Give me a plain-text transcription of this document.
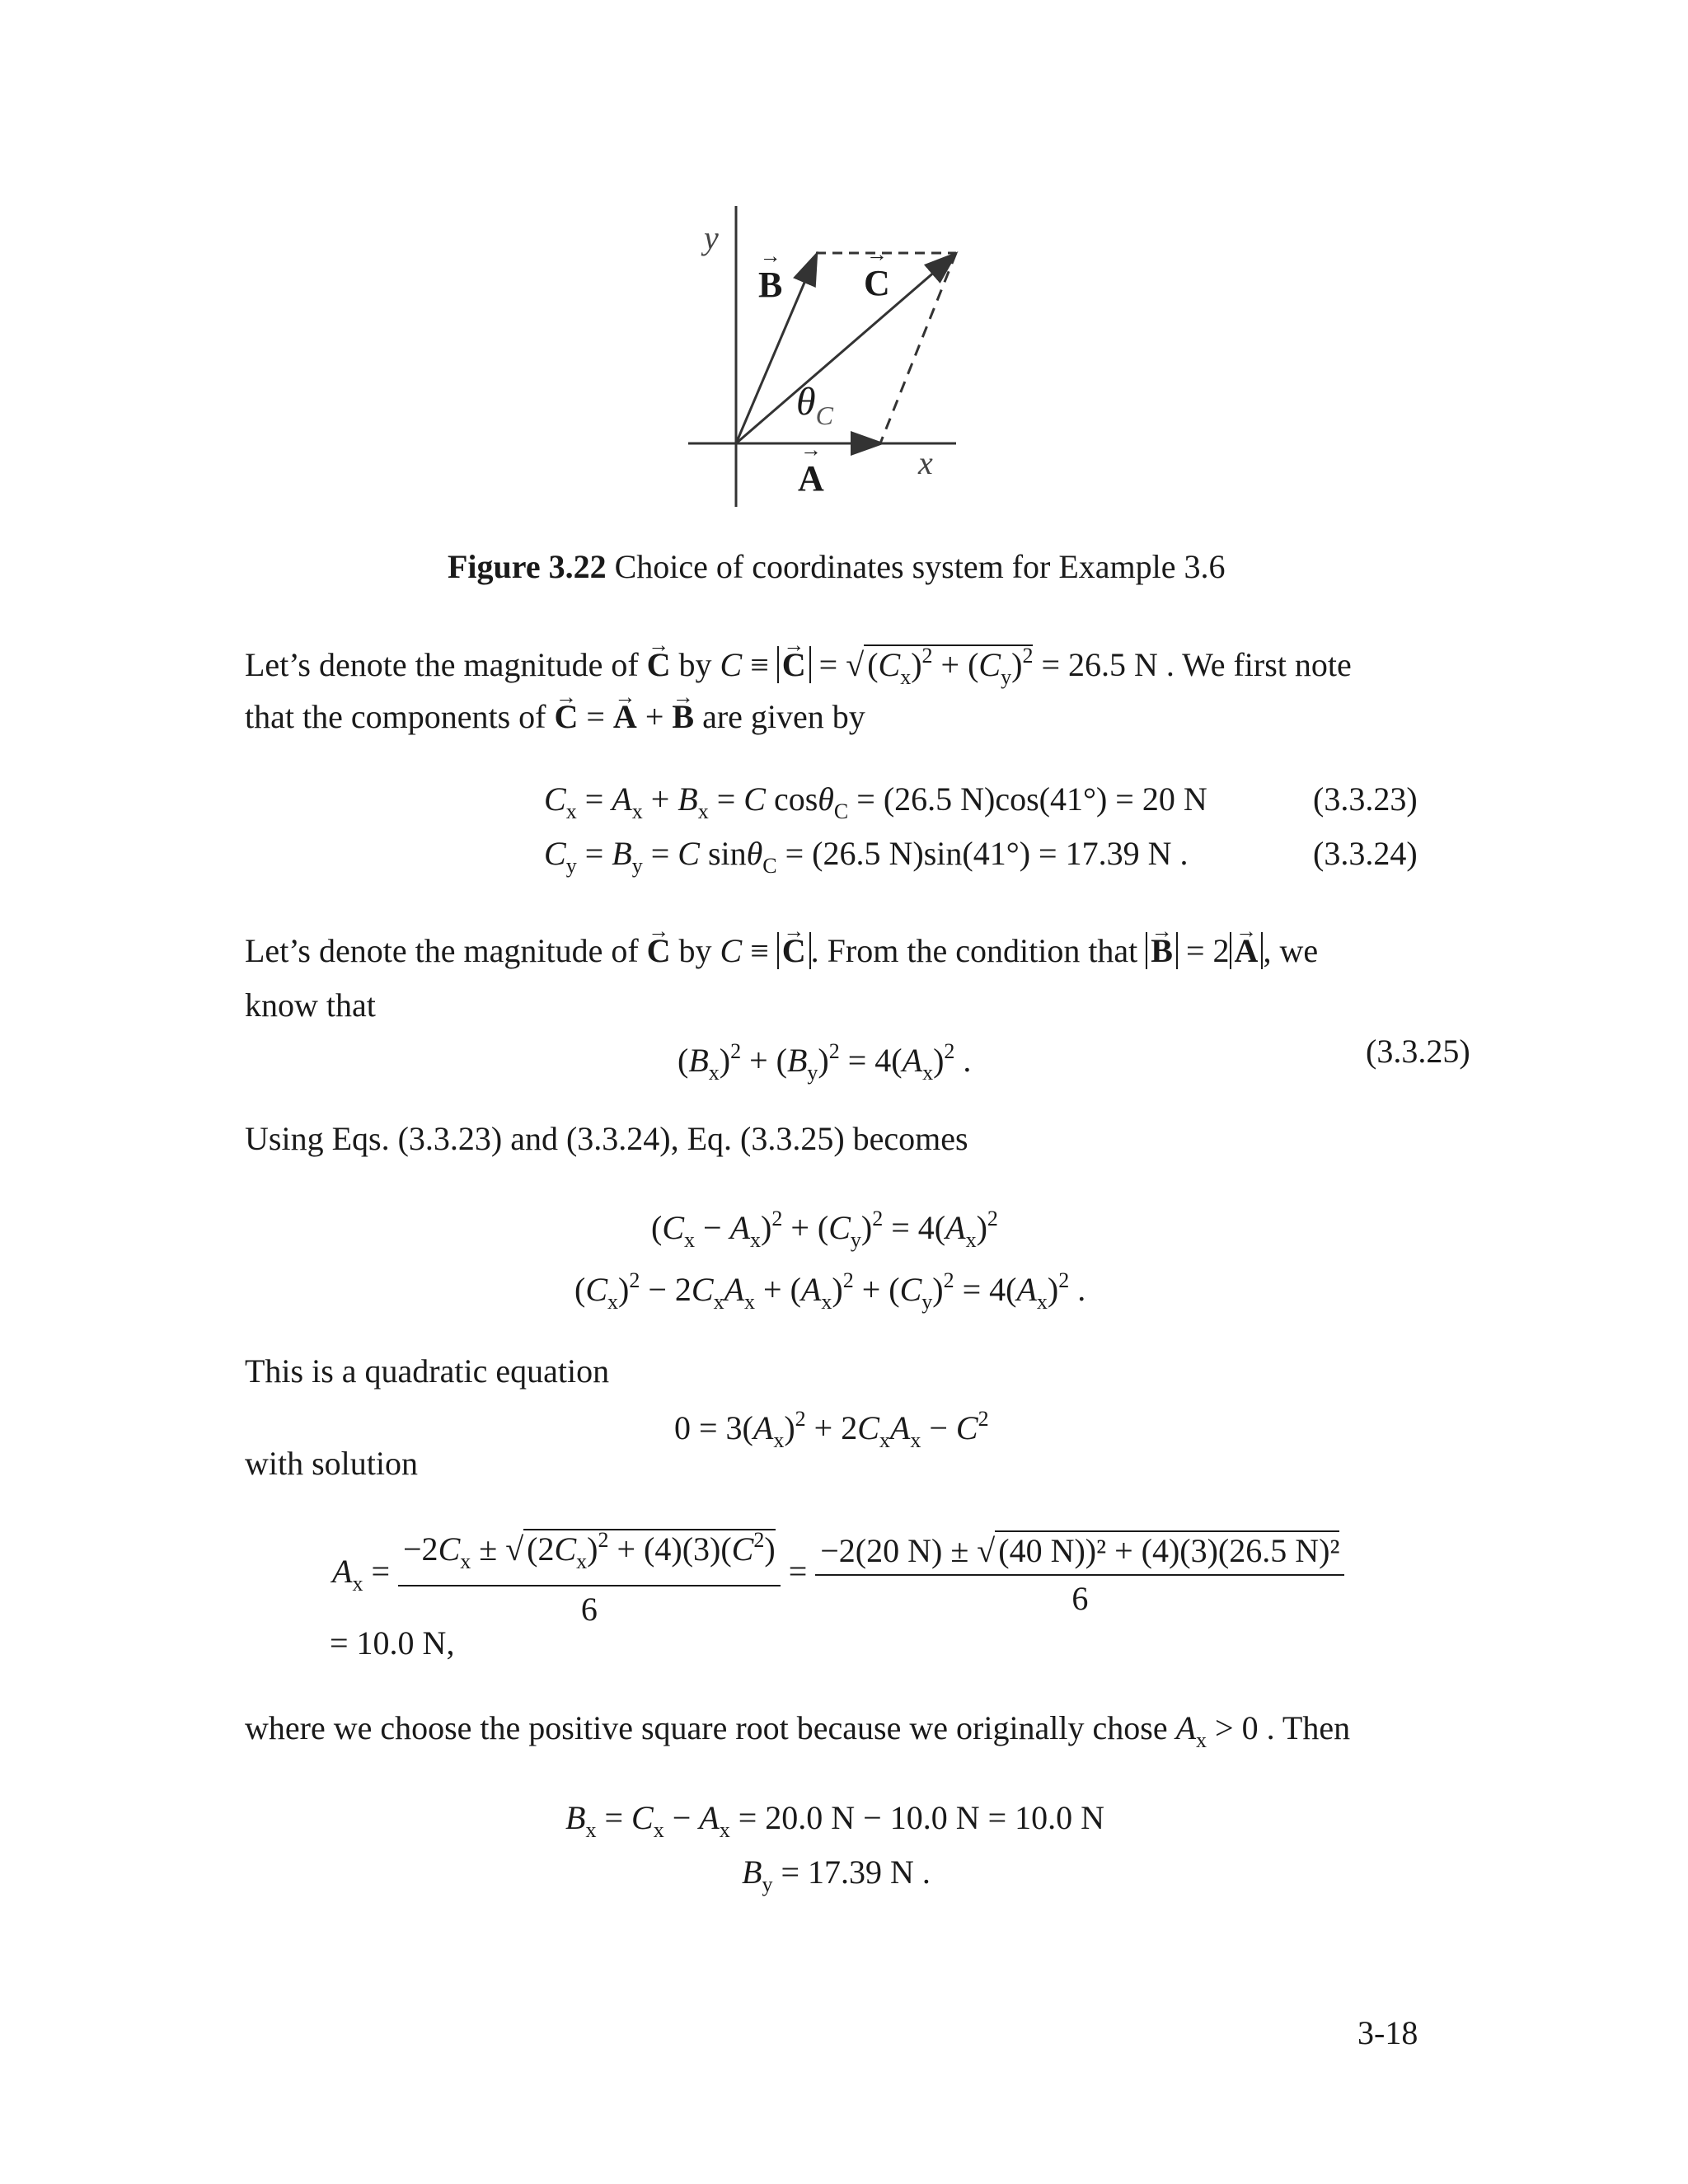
y
x
→ B → C
→ A
$\theta_C$
Figure 3.22 Choice of coordinates system for Example 3.6
Let’s denote the magnitude of → C by C ≡ → C = √ $(C_x)^2 + (C_y)^2 = 26.5$ N . We first note
that the components of → C = → A + → B are given by
$C_x = A_x + B_x = C$ cosθ$_C$ = (26.5 N)cos(41°) = 20 N	(3.3.23)
$C_y = B_y = C$ sinθ$_C$ = (26.5 N)sin(41°) = 17.39 N .	(3.3.24)
Let’s denote the magnitude of → C by C ≡ → C . From the condition that → B = 2 → A , we
know that
$(B_x)^2 + (B_y)^2 = 4(A_x)^2$ .	(3.3.25)
Using Eqs. (3.3.23) and (3.3.24), Eq. (3.3.25) becomes
$(C_x - A_x)^2 + (C_y)^2 = 4(A_x)^2$
$(C_x)^2 - 2C_xA_x + (A_x)^2 + (C_y)^2 = 4(A_x)^2$ .
This is a quadratic equation
$0 = 3(A_x)^2 + 2C_xA_x - C^2$
with solution
$A_x = \frac{-2C_x \pm √ (2C_x)^2 + (4)(3)(C^2)}{6} = \frac{\text{−2(20 N) ± √ (40 N))² + (4)(3)(26.5 N)²}}{6}$
= 10.0 N,
where we choose the positive square root because we originally chose $A_x > 0$ . Then
$B_x = C_x - A_x = 20.0$ N − 10.0 N = 10.0 N
$B_y = 17.39$ N .
3-18
